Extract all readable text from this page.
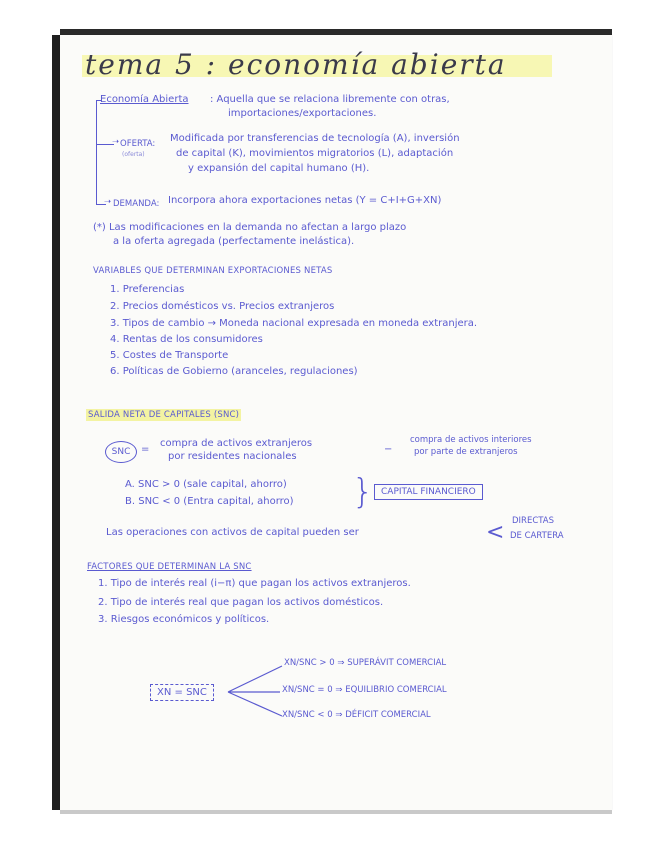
tema 5 : economía abierta
Economía Abierta : Aquella que se relaciona libremente con otras,
importaciones/exportaciones.
➝ OFERTA:
(oferta)
Modificada por transferencias de tecnología (A), inversión
de capital (K), movimientos migratorios (L), adaptación
y expansión del capital humano (H).
➝ DEMANDA: Incorpora ahora exportaciones netas (Y = C+I+G+XN)
(*) Las modificaciones en la demanda no afectan a largo plazo
a la oferta agregada (perfectamente inelástica).
VARIABLES QUE DETERMINAN EXPORTACIONES NETAS
1. Preferencias
2. Precios domésticos vs. Precios extranjeros
3. Tipos de cambio → Moneda nacional expresada en moneda extranjera.
4. Rentas de los consumidores
5. Costes de Transporte
6. Políticas de Gobierno (aranceles, regulaciones)
SALIDA NETA DE CAPITALES (SNC)
SNC	=
compra de activos extranjeros
por residentes nacionales
−
compra de activos interiores
por parte de extranjeros
A. SNC > 0 (sale capital, ahorro)
B. SNC < 0 (Entra capital, ahorro) } CAPITAL FINANCIERO
Las operaciones con activos de capital pueden ser	< DIRECTAS
DE CARTERA
FACTORES QUE DETERMINAN LA SNC
1. Tipo de interés real (i−π) que pagan los activos extranjeros.
2. Tipo de interés real que pagan los activos domésticos.
3. Riesgos económicos y políticos.
XN = SNC
XN/SNC > 0 ⇒ SUPERÁVIT COMERCIAL
XN/SNC = 0 ⇒ EQUILIBRIO COMERCIAL
XN/SNC < 0 ⇒ DÉFICIT COMERCIAL
